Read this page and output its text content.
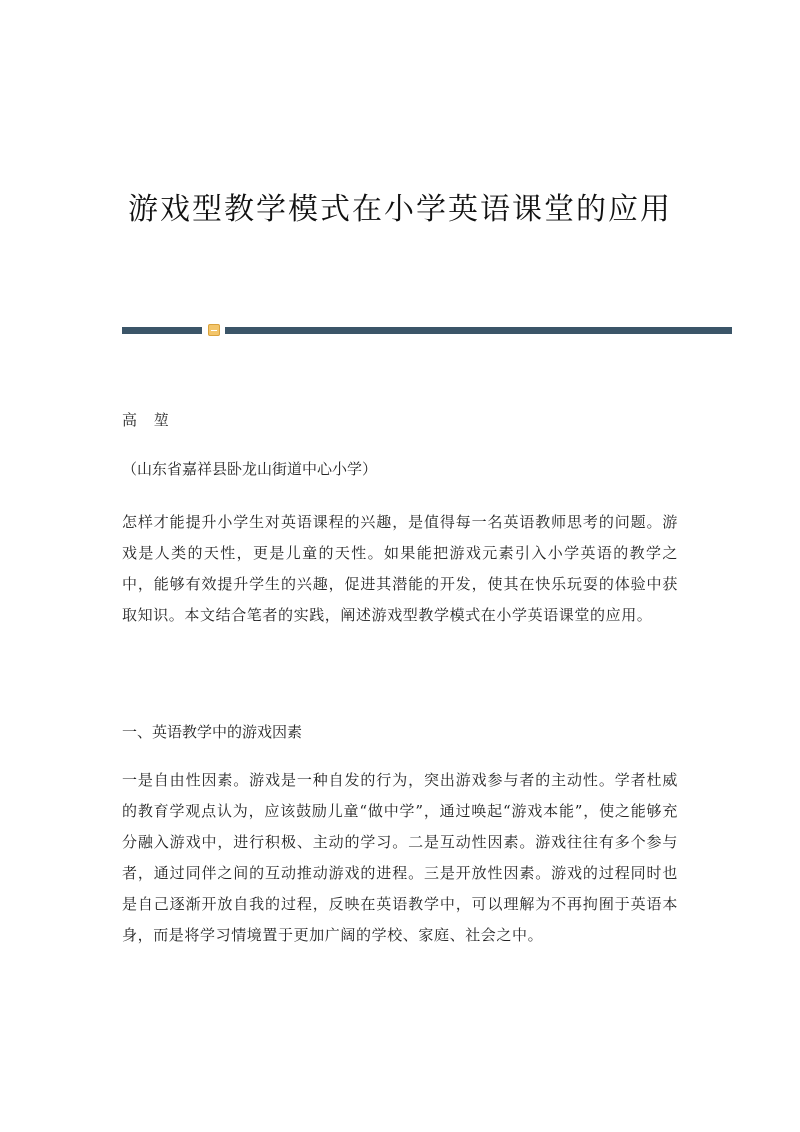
游戏型教学模式在小学英语课堂的应用
高 堃
（山东省嘉祥县卧龙山街道中心小学）
怎样才能提升小学生对英语课程的兴趣，是值得每一名英语教师思考的问题。游戏是人类的天性，更是儿童的天性。如果能把游戏元素引入小学英语的教学之中，能够有效提升学生的兴趣，促进其潜能的开发，使其在快乐玩耍的体验中获取知识。本文结合笔者的实践，阐述游戏型教学模式在小学英语课堂的应用。
一、英语教学中的游戏因素
一是自由性因素。游戏是一种自发的行为，突出游戏参与者的主动性。学者杜威的教育学观点认为，应该鼓励儿童“做中学”，通过唤起“游戏本能”，使之能够充分融入游戏中，进行积极、主动的学习。二是互动性因素。游戏往往有多个参与者，通过同伴之间的互动推动游戏的进程。三是开放性因素。游戏的过程同时也是自己逐渐开放自我的过程，反映在英语教学中，可以理解为不再拘囿于英语本身，而是将学习情境置于更加广阔的学校、家庭、社会之中。
